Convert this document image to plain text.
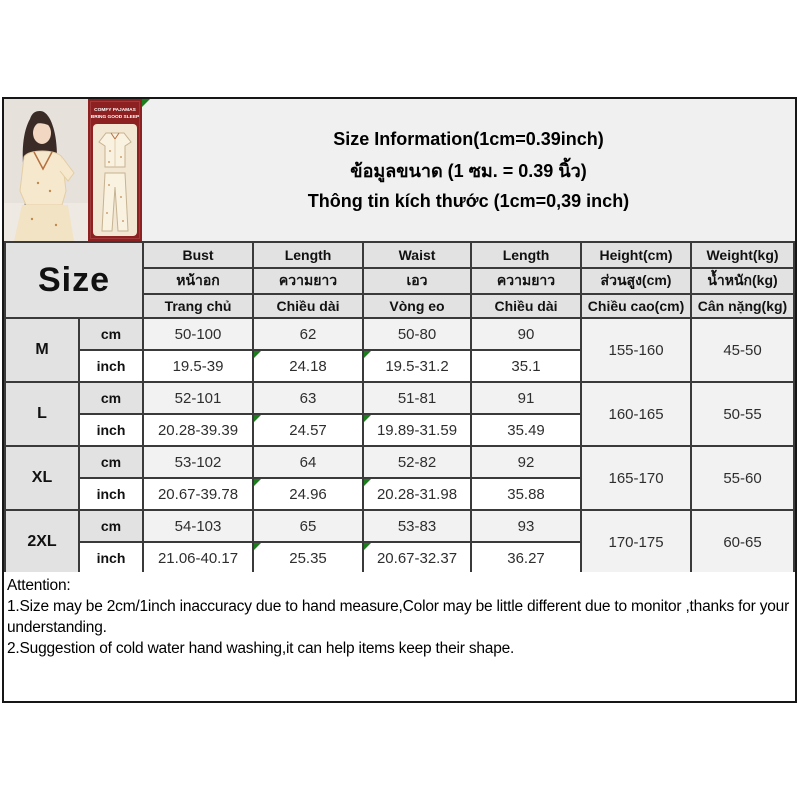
COMFY PAJAMAS
BRING GOOD SLEEP
Size Information(1cm=0.39inch)
ข้อมูลขนาด (1 ซม. = 0.39 นิ้ว)
Thông tin kích thước (1cm=0,39 inch)
Size		Bust	Length	Waist	Length	Height(cm)	Weight(kg)
		หน้าอก	ความยาว	เอว	ความยาว	ส่วนสูง(cm)	น้ำหนัก(kg)
		Trang chủ	Chiều dài	Vòng eo	Chiều dài	Chiều cao(cm)	Cân nặng(kg)
M	cm	50-100	62	50-80	90	155-160	45-50
	inch	19.5-39	24.18	19.5-31.2	35.1		
L	cm	52-101	63	51-81	91	160-165	50-55
	inch	20.28-39.39	24.57	19.89-31.59	35.49		
XL	cm	53-102	64	52-82	92	165-170	55-60
	inch	20.67-39.78	24.96	20.28-31.98	35.88		
2XL	cm	54-103	65	53-83	93	170-175	60-65
	inch	21.06-40.17	25.35	20.67-32.37	36.27		

Attention:

1.Size may be 2cm/1inch inaccuracy due to hand measure,Color may be little different due to monitor ,thanks for your understanding.

2.Suggestion of cold water hand washing,it can help items keep their shape.
